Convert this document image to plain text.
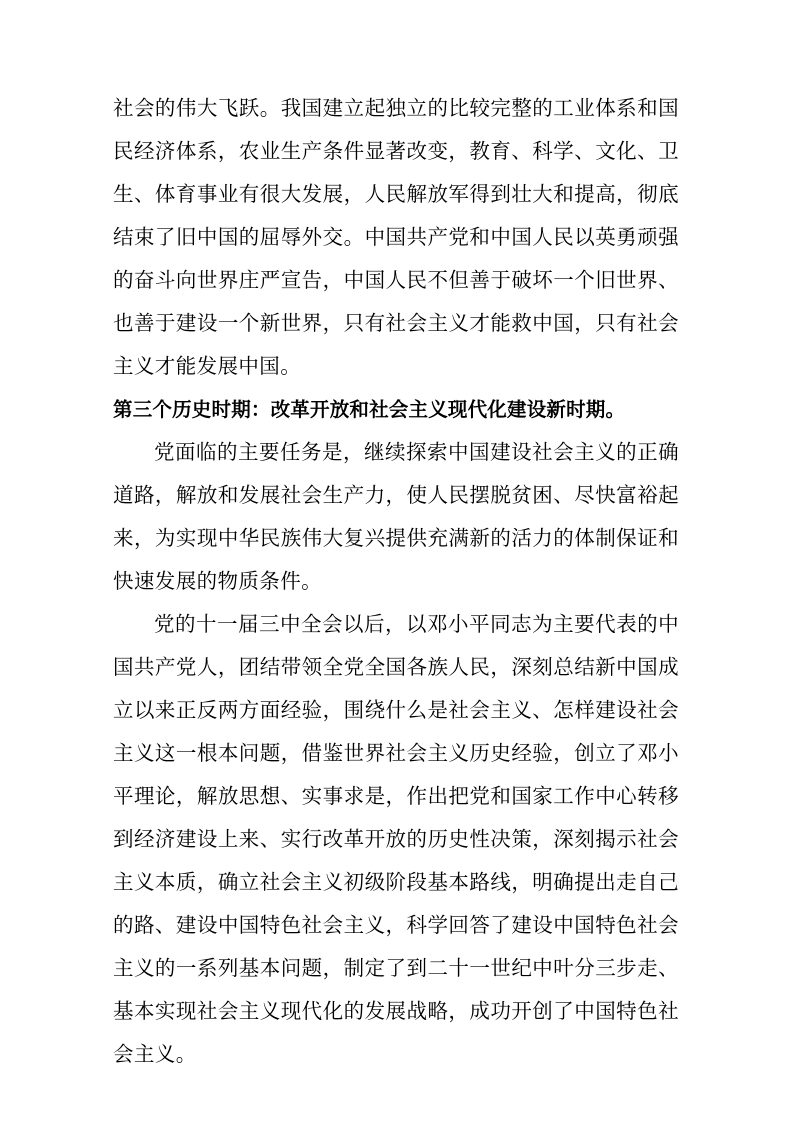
社会的伟大飞跃。我国建立起独立的比较完整的工业体系和国民经济体系，农业生产条件显著改变，教育、科学、文化、卫生、体育事业有很大发展，人民解放军得到壮大和提高，彻底结束了旧中国的屈辱外交。中国共产党和中国人民以英勇顽强的奋斗向世界庄严宣告，中国人民不但善于破坏一个旧世界、也善于建设一个新世界，只有社会主义才能救中国，只有社会主义才能发展中国。

第三个历史时期：改革开放和社会主义现代化建设新时期。

党面临的主要任务是，继续探索中国建设社会主义的正确道路，解放和发展社会生产力，使人民摆脱贫困、尽快富裕起来，为实现中华民族伟大复兴提供充满新的活力的体制保证和快速发展的物质条件。

党的十一届三中全会以后，以邓小平同志为主要代表的中国共产党人，团结带领全党全国各族人民，深刻总结新中国成立以来正反两方面经验，围绕什么是社会主义、怎样建设社会主义这一根本问题，借鉴世界社会主义历史经验，创立了邓小平理论，解放思想、实事求是，作出把党和国家工作中心转移到经济建设上来、实行改革开放的历史性决策，深刻揭示社会主义本质，确立社会主义初级阶段基本路线，明确提出走自己的路、建设中国特色社会主义，科学回答了建设中国特色社会主义的一系列基本问题，制定了到二十一世纪中叶分三步走、基本实现社会主义现代化的发展战略，成功开创了中国特色社会主义。
